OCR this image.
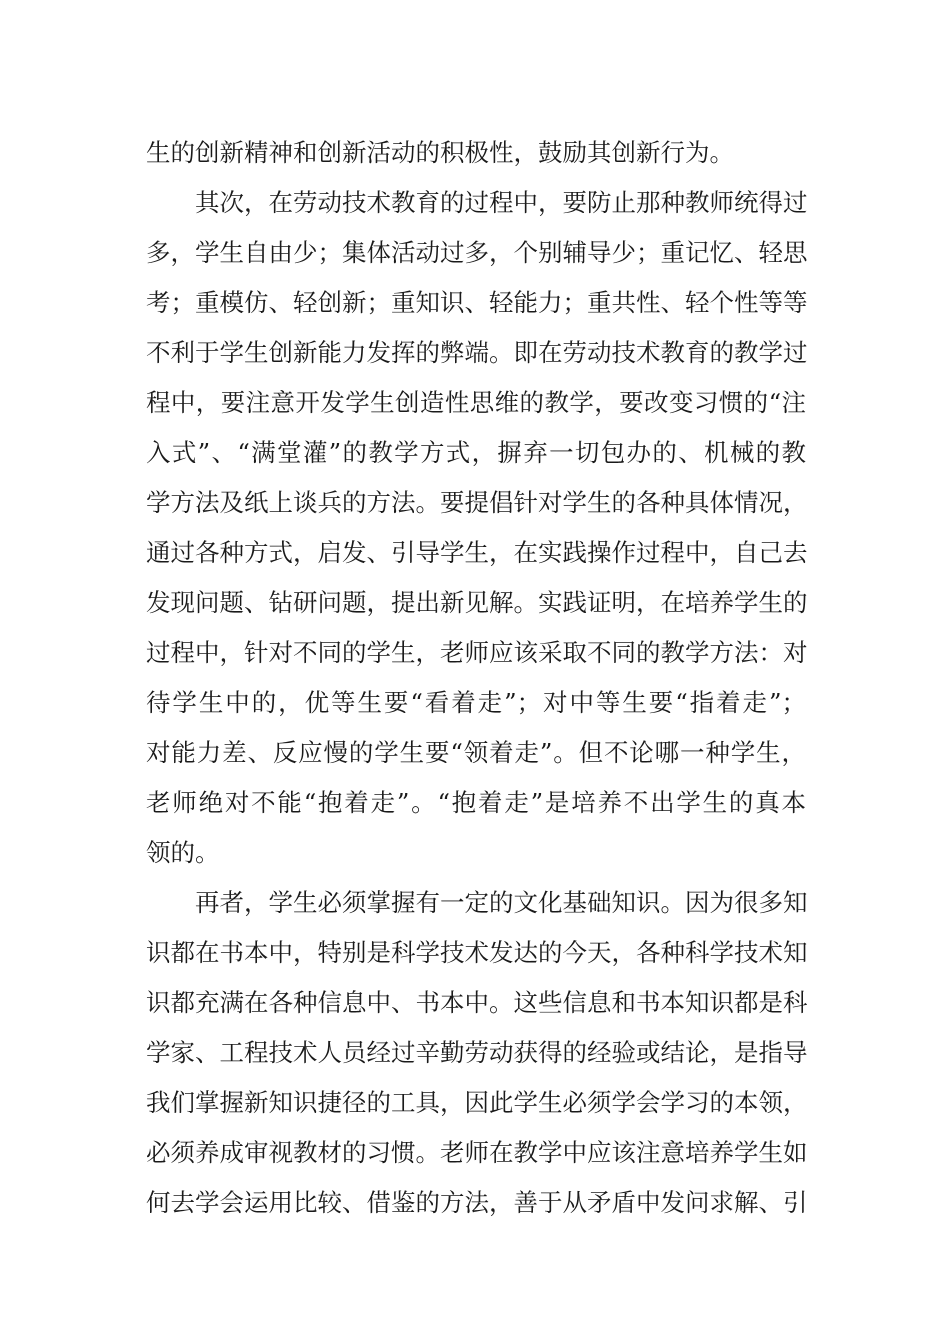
生的创新精神和创新活动的积极性，鼓励其创新行为。
　　其次，在劳动技术教育的过程中，要防止那种教师统得过
多，学生自由少；集体活动过多，个别辅导少；重记忆、轻思
考；重模仿、轻创新；重知识、轻能力；重共性、轻个性等等
不利于学生创新能力发挥的弊端。即在劳动技术教育的教学过
程中，要注意开发学生创造性思维的教学，要改变习惯的“注
入式”、“满堂灌”的教学方式，摒弃一切包办的、机械的教
学方法及纸上谈兵的方法。要提倡针对学生的各种具体情况，
通过各种方式，启发、引导学生，在实践操作过程中，自己去
发现问题、钻研问题，提出新见解。实践证明，在培养学生的
过程中，针对不同的学生，老师应该采取不同的教学方法：对
待学生中的，优等生要“看着走”；对中等生要“指着走”；
对能力差、反应慢的学生要“领着走”。但不论哪一种学生，
老师绝对不能“抱着走”。“抱着走”是培养不出学生的真本
领的。
　　再者，学生必须掌握有一定的文化基础知识。因为很多知
识都在书本中，特别是科学技术发达的今天，各种科学技术知
识都充满在各种信息中、书本中。这些信息和书本知识都是科
学家、工程技术人员经过辛勤劳动获得的经验或结论，是指导
我们掌握新知识捷径的工具，因此学生必须学会学习的本领，
必须养成审视教材的习惯。老师在教学中应该注意培养学生如
何去学会运用比较、借鉴的方法，善于从矛盾中发问求解、引
